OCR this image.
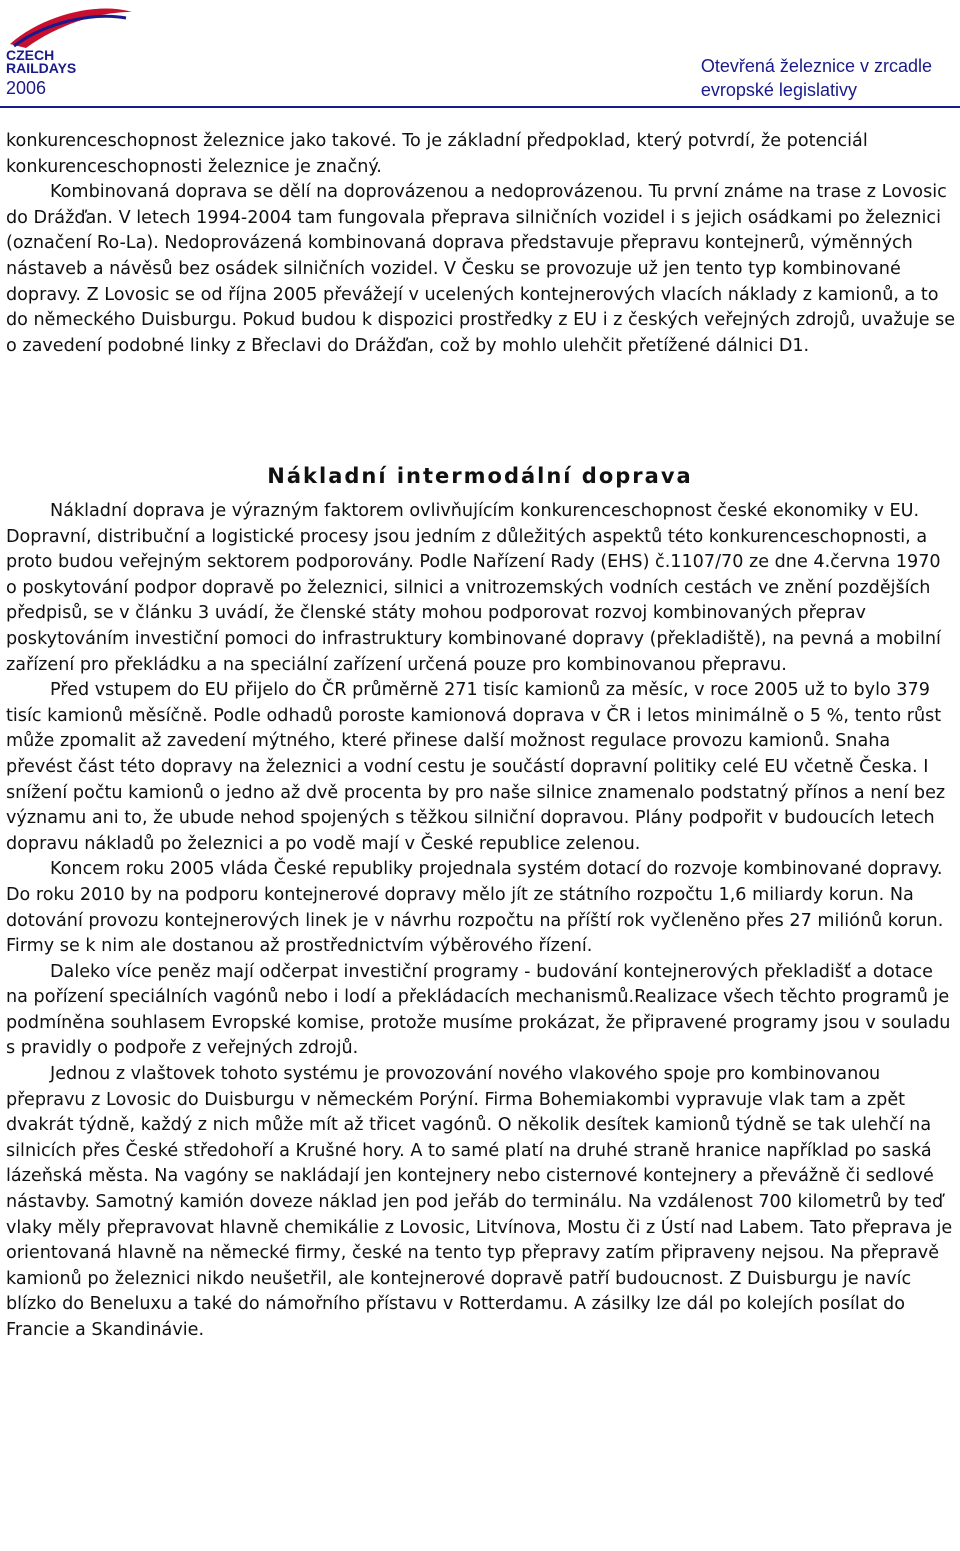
CZECH
RAILDAYS
2006
Otevřená železnice v zrcadle
evropské legislativy

konkurenceschopnost železnice jako takové. To je základní předpoklad, který potvrdí, že potenciál konkurenceschopnosti železnice je značný.

Kombinovaná doprava se dělí na doprovázenou a nedoprovázenou. Tu první známe na trase z Lovosic do Drážďan. V letech 1994-2004 tam fungovala přeprava silničních vozidel i s jejich osádkami po železnici (označení Ro-La). Nedoprovázená kombinovaná doprava představuje přepravu kontejnerů, výměnných nástaveb a návěsů bez osádek silničních vozidel. V Česku se provozuje už jen tento typ kombinované dopravy. Z Lovosic se od října 2005 převážejí v ucelených kontejnerových vlacích náklady z kamionů, a to do německého Duisburgu. Pokud budou k dispozici prostředky z EU i z českých veřejných zdrojů, uvažuje se o zavedení podobné linky z Břeclavi do Drážďan, což by mohlo ulehčit přetížené dálnici D1.

Nákladní intermodální doprava

Nákladní doprava je výrazným faktorem ovlivňujícím konkurenceschopnost české ekonomiky v EU. Dopravní, distribuční a logistické procesy jsou jedním z důležitých aspektů této konkurenceschopnosti, a proto budou veřejným sektorem podporovány. Podle Nařízení Rady (EHS) č.1107/70 ze dne 4.června 1970 o poskytování podpor dopravě po železnici, silnici a vnitrozemských vodních cestách ve znění pozdějších předpisů, se v článku 3 uvádí, že členské státy mohou podporovat rozvoj kombinovaných přeprav poskytováním investiční pomoci do infrastruktury kombinované dopravy (překladiště), na pevná a mobilní zařízení pro překládku a na speciální zařízení určená pouze pro kombinovanou přepravu.

Před vstupem do EU přijelo do ČR průměrně 271 tisíc kamionů za měsíc, v roce 2005 už to bylo 379 tisíc kamionů měsíčně. Podle odhadů poroste kamionová doprava v ČR i letos minimálně o 5 %, tento růst může zpomalit až zavedení mýtného, které přinese další možnost regulace provozu kamionů. Snaha převést část této dopravy na železnici a vodní cestu je součástí dopravní politiky celé EU včetně Česka. I snížení počtu kamionů o jedno až dvě procenta by pro naše silnice znamenalo podstatný přínos a není bez významu ani to, že ubude nehod spojených s těžkou silniční dopravou. Plány podpořit v budoucích letech dopravu nákladů po železnici a po vodě mají v České republice zelenou.

Koncem roku 2005 vláda České republiky projednala systém dotací do rozvoje kombinované dopravy. Do roku 2010 by na podporu kontejnerové dopravy mělo jít ze státního rozpočtu 1,6 miliardy korun. Na dotování provozu kontejnerových linek je v návrhu rozpočtu na příští rok vyčleněno přes 27 miliónů korun. Firmy se k nim ale dostanou až prostřednictvím výběrového řízení.

Daleko více peněz mají odčerpat investiční programy - budování kontejnerových překladišť a dotace na pořízení speciálních vagónů nebo i lodí a překládacích mechanismů.Realizace všech těchto programů je podmíněna souhlasem Evropské komise, protože musíme prokázat, že připravené programy jsou v souladu s pravidly o podpoře z veřejných zdrojů.

Jednou z vlaštovek tohoto systému je provozování nového vlakového spoje pro kombinovanou přepravu z Lovosic do Duisburgu v německém Porýní. Firma Bohemiakombi vypravuje vlak tam a zpět dvakrát týdně, každý z nich může mít až třicet vagónů. O několik desítek kamionů týdně se tak ulehčí na silnicích přes České středohoří a Krušné hory. A to samé platí na druhé straně hranice například po saská lázeňská města. Na vagóny se nakládají jen kontejnery nebo cisternové kontejnery a převážně či sedlové nástavby. Samotný kamión doveze náklad jen pod jeřáb do terminálu. Na vzdálenost 700 kilometrů by teď vlaky měly přepravovat hlavně chemikálie z Lovosic, Litvínova, Mostu či z Ústí nad Labem. Tato přeprava je orientovaná hlavně na německé firmy, české na tento typ přepravy zatím připraveny nejsou. Na přepravě kamionů po železnici nikdo neušetřil, ale kontejnerové dopravě patří budoucnost. Z Duisburgu je navíc blízko do Beneluxu a také do námořního přístavu v Rotterdamu. A zásilky lze dál po kolejích posílat do Francie a Skandinávie.
